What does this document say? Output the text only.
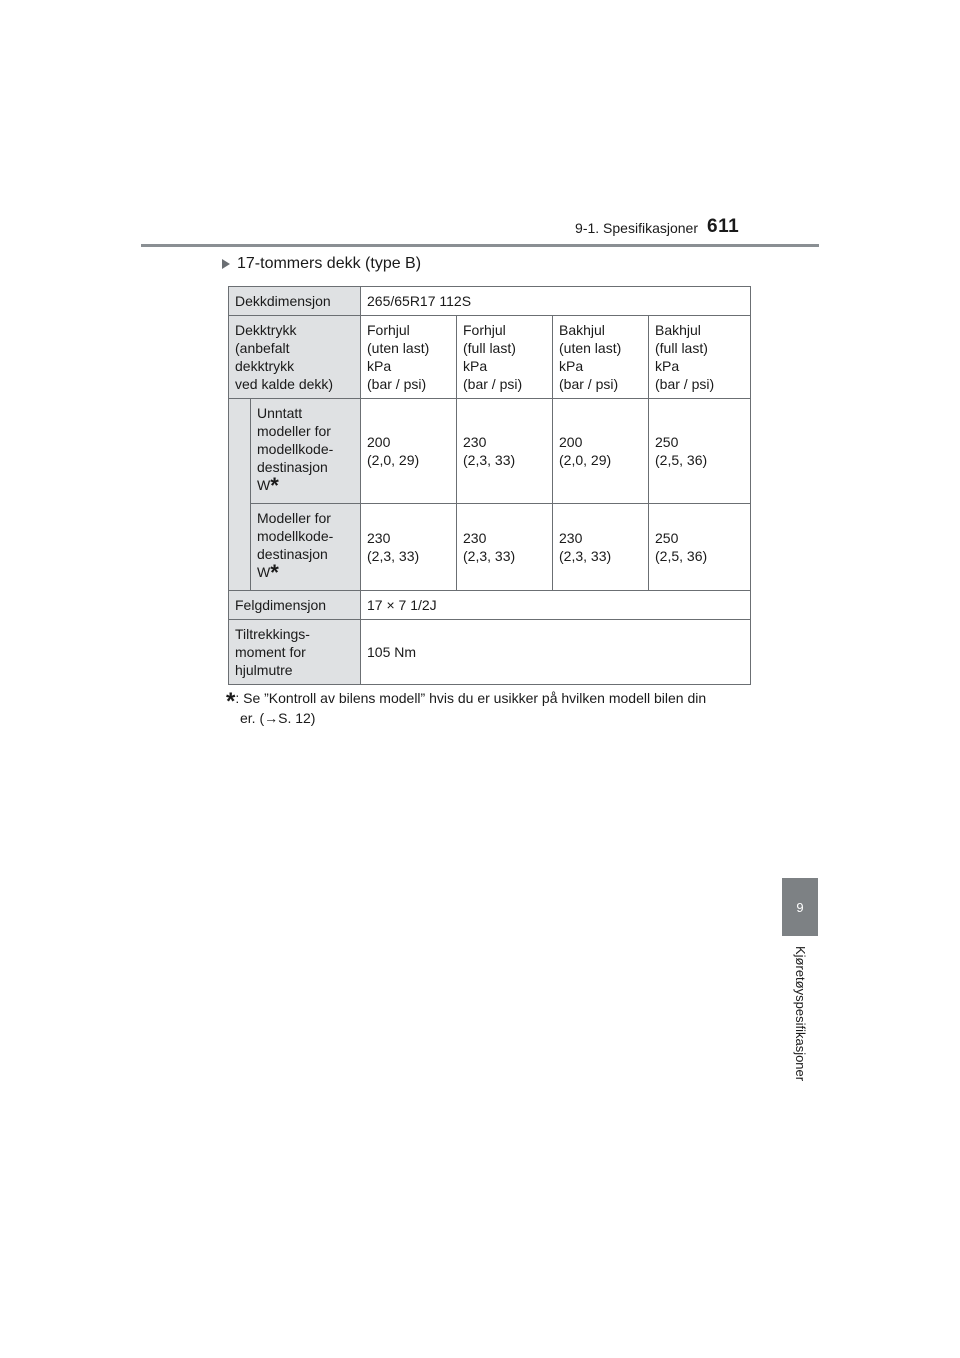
9-1. Spesifikasjoner 611
9
Kjøretøyspesifikasjoner
17-tommers dekk (type B)
Dekkdimensjon		265/65R17 112S			
Dekktrykk
(anbefalt
dekktrykk
ved kalde dekk)		Forhjul
(uten last)
kPa
(bar / psi)	Forhjul
(full last)
kPa
(bar / psi)	Bakhjul
(uten last)
kPa
(bar / psi)	Bakhjul
(full last)
kPa
(bar / psi)
	Unntatt
modeller for
modellkode-
destinasjon
W*	200
(2,0, 29)	230
(2,3, 33)	200
(2,0, 29)	250
(2,5, 36)
	Modeller for
modellkode-
destinasjon
W*	230
(2,3, 33)	230
(2,3, 33)	230
(2,3, 33)	250
(2,5, 36)
Felgdimensjon		17 × 7 1/2J			
Tiltrekkings-
moment for
hjulmutre		105 Nm			
*: Se ”Kontroll av bilens modell” hvis du er usikker på hvilken modell bilen din
er. (→S. 12)
